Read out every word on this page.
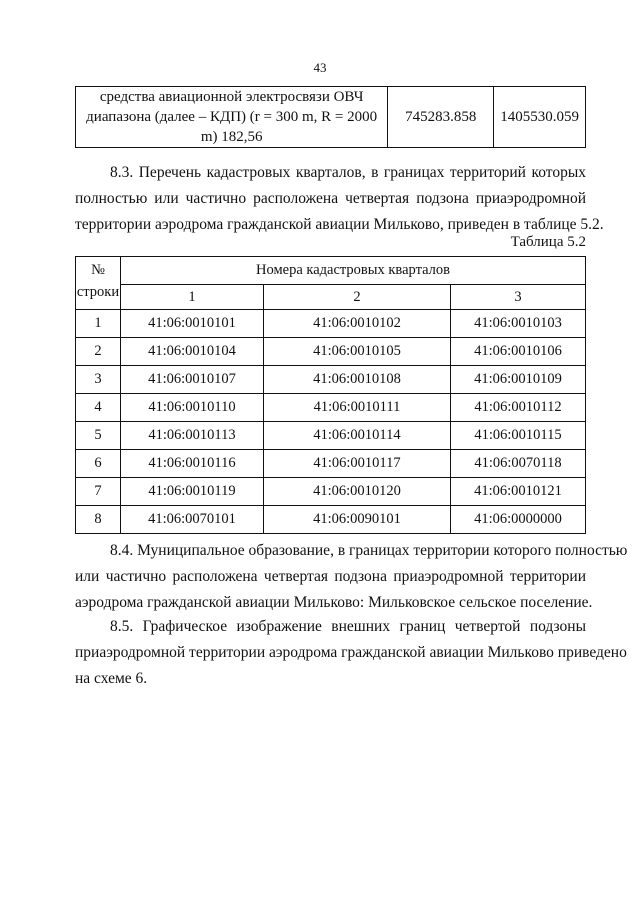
43
средства авиационной электросвязи ОВЧ диапазона (далее – КДП) (r = 300 m, R = 2000 m) 182,56	745283.858	1405530.059
8.3. Перечень кадастровых кварталов, в границах территорий которых
полностью или частично расположена четвертая подзона приаэродромной
территории аэродрома гражданской авиации Мильково, приведен в таблице 5.2.
Таблица 5.2
№ строки	Номера кадастровых кварталов		
	1	2	3
1	41:06:0010101	41:06:0010102	41:06:0010103
2	41:06:0010104	41:06:0010105	41:06:0010106
3	41:06:0010107	41:06:0010108	41:06:0010109
4	41:06:0010110	41:06:0010111	41:06:0010112
5	41:06:0010113	41:06:0010114	41:06:0010115
6	41:06:0010116	41:06:0010117	41:06:0070118
7	41:06:0010119	41:06:0010120	41:06:0010121
8	41:06:0070101	41:06:0090101	41:06:0000000
8.4. Муниципальное образование, в границах территории которого полностью
или частично расположена четвертая подзона приаэродромной территории
аэродрома гражданской авиации Мильково: Мильковское сельское поселение.
8.5. Графическое изображение внешних границ четвертой подзоны
приаэродромной территории аэродрома гражданской авиации Мильково приведено
на схеме 6.
